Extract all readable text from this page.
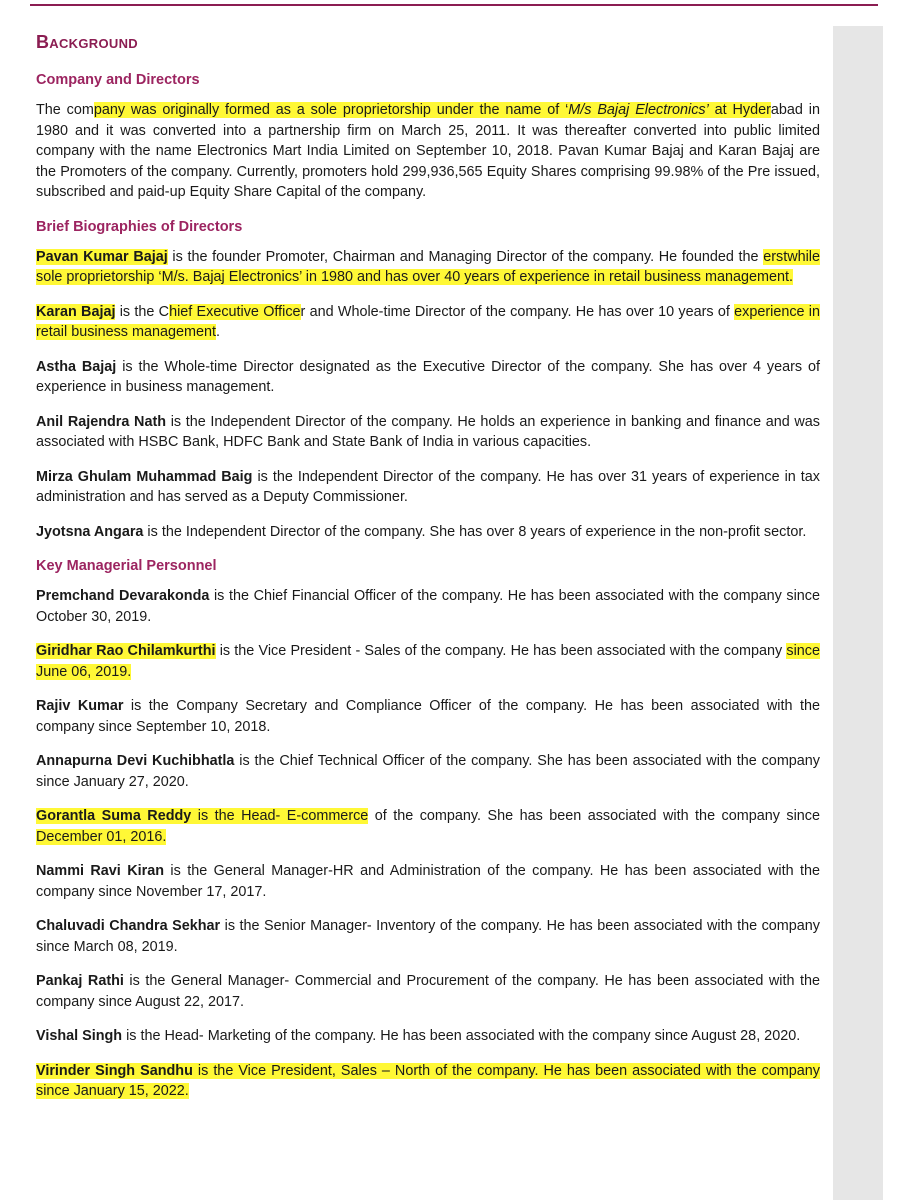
Background
Company and Directors

The company was originally formed as a sole proprietorship under the name of ‘M/s Bajaj Electronics’ at Hyderabad in 1980 and it was converted into a partnership firm on March 25, 2011. It was thereafter converted into public limited company with the name Electronics Mart India Limited on September 10, 2018. Pavan Kumar Bajaj and Karan Bajaj are the Promoters of the company. Currently, promoters hold 299,936,565 Equity Shares comprising 99.98% of the Pre issued, subscribed and paid-up Equity Share Capital of the company.

Brief Biographies of Directors

Pavan Kumar Bajaj is the founder Promoter, Chairman and Managing Director of the company. He founded the erstwhile sole proprietorship ‘M/s. Bajaj Electronics’ in 1980 and has over 40 years of experience in retail business management.

Karan Bajaj is the Chief Executive Officer and Whole-time Director of the company. He has over 10 years of experience in retail business management.

Astha Bajaj is the Whole-time Director designated as the Executive Director of the company. She has over 4 years of experience in business management.

Anil Rajendra Nath is the Independent Director of the company. He holds an experience in banking and finance and was associated with HSBC Bank, HDFC Bank and State Bank of India in various capacities.

Mirza Ghulam Muhammad Baig is the Independent Director of the company. He has over 31 years of experience in tax administration and has served as a Deputy Commissioner.

Jyotsna Angara is the Independent Director of the company. She has over 8 years of experience in the non-profit sector.

Key Managerial Personnel

Premchand Devarakonda is the Chief Financial Officer of the company. He has been associated with the company since October 30, 2019.

Giridhar Rao Chilamkurthi is the Vice President - Sales of the company. He has been associated with the company since June 06, 2019.

Rajiv Kumar is the Company Secretary and Compliance Officer of the company. He has been associated with the company since September 10, 2018.

Annapurna Devi Kuchibhatla is the Chief Technical Officer of the company. She has been associated with the company since January 27, 2020.

Gorantla Suma Reddy is the Head- E-commerce of the company. She has been associated with the company since December 01, 2016.

Nammi Ravi Kiran is the General Manager-HR and Administration of the company. He has been associated with the company since November 17, 2017.

Chaluvadi Chandra Sekhar is the Senior Manager- Inventory of the company. He has been associated with the company since March 08, 2019.

Pankaj Rathi is the General Manager- Commercial and Procurement of the company. He has been associated with the company since August 22, 2017.

Vishal Singh is the Head- Marketing of the company. He has been associated with the company since August 28, 2020.

Virinder Singh Sandhu is the Vice President, Sales – North of the company. He has been associated with the company since January 15, 2022.
